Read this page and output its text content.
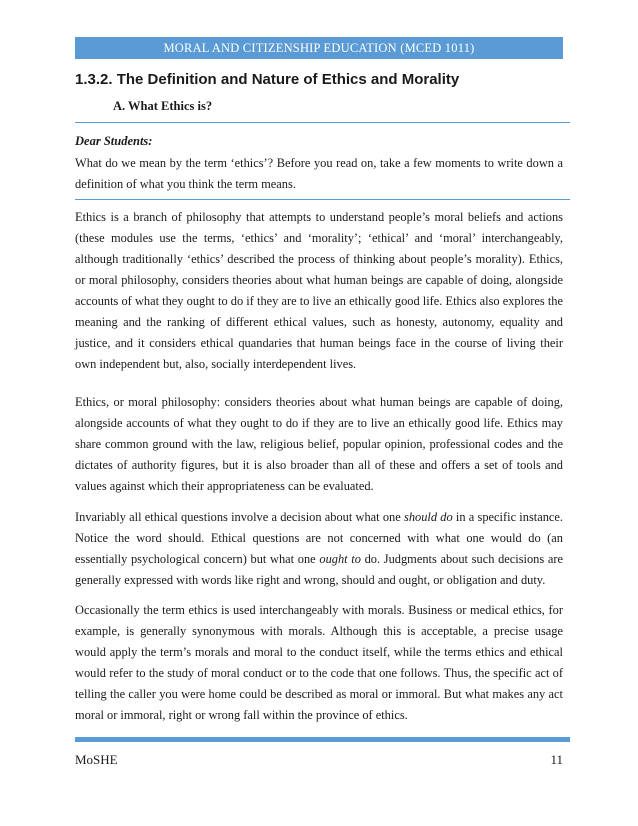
MORAL AND CITIZENSHIP EDUCATION (MCED 1011)
1.3.2. The Definition and Nature of Ethics and Morality
A. What Ethics is?
Dear Students:

What do we mean by the term ‘ethics’? Before you read on, take a few moments to write down a definition of what you think the term means.

Ethics is a branch of philosophy that attempts to understand people’s moral beliefs and actions (these modules use the terms, ‘ethics’ and ‘morality’; ‘ethical’ and ‘moral’ interchangeably, although traditionally ‘ethics’ described the process of thinking about people’s morality). Ethics, or moral philosophy, considers theories about what human beings are capable of doing, alongside accounts of what they ought to do if they are to live an ethically good life. Ethics also explores the meaning and the ranking of different ethical values, such as honesty, autonomy, equality and justice, and it considers ethical quandaries that human beings face in the course of living their own independent but, also, socially interdependent lives.

Ethics, or moral philosophy: considers theories about what human beings are capable of doing, alongside accounts of what they ought to do if they are to live an ethically good life. Ethics may share common ground with the law, religious belief, popular opinion, professional codes and the dictates of authority figures, but it is also broader than all of these and offers a set of tools and values against which their appropriateness can be evaluated.

Invariably all ethical questions involve a decision about what one should do in a specific instance. Notice the word should. Ethical questions are not concerned with what one would do (an essentially psychological concern) but what one ought to do. Judgments about such decisions are generally expressed with words like right and wrong, should and ought, or obligation and duty.

Occasionally the term ethics is used interchangeably with morals. Business or medical ethics, for example, is generally synonymous with morals. Although this is acceptable, a precise usage would apply the term’s morals and moral to the conduct itself, while the terms ethics and ethical would refer to the study of moral conduct or to the code that one follows. Thus, the specific act of telling the caller you were home could be described as moral or immoral. But what makes any act moral or immoral, right or wrong fall within the province of ethics.

MoSHE	11
